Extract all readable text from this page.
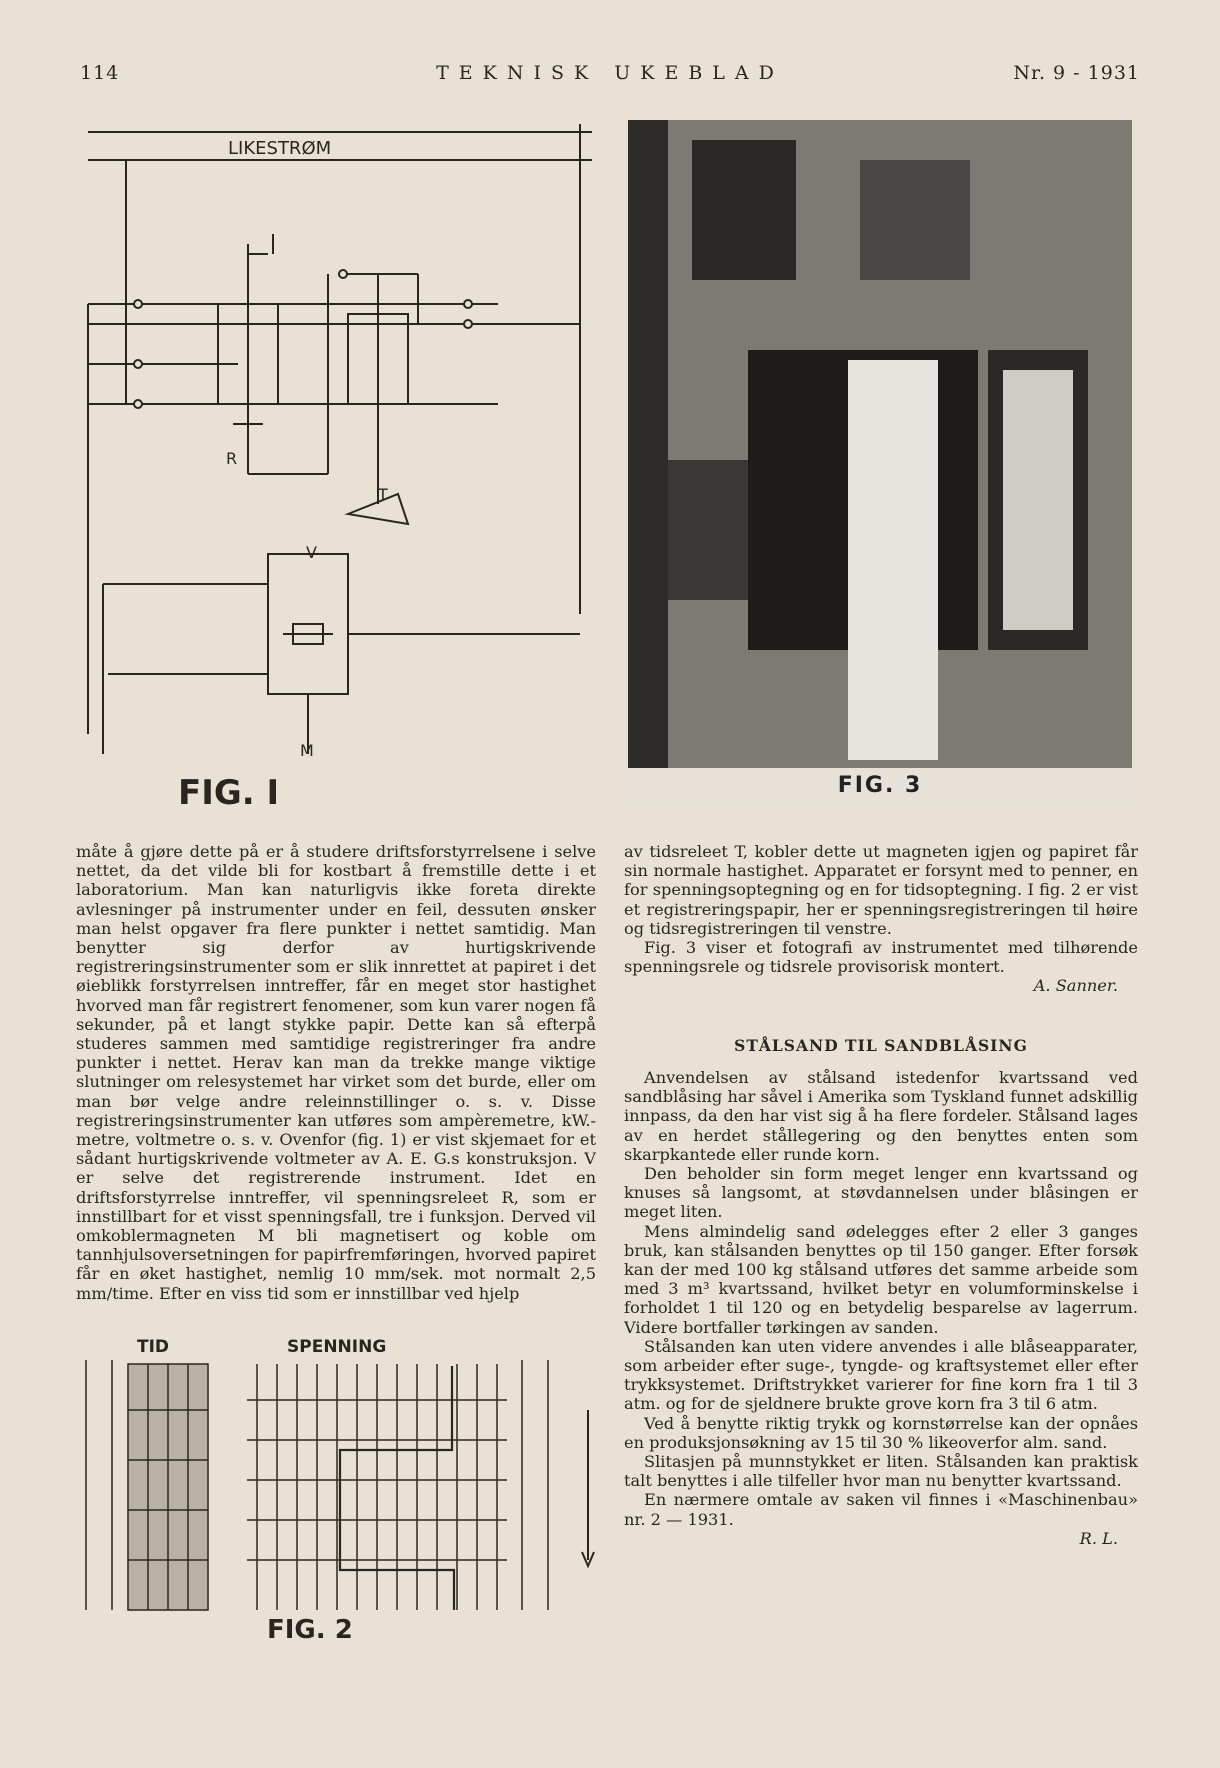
TEKNISK UKEBLAD
114	Nr. 9 - 1931
LIKESTRØM
R
T
V
M
FIG. I	FIG. 3

måte å gjøre dette på er å studere driftsforstyrrelsene i selve nettet, da det vilde bli for kostbart å fremstille dette i et laboratorium. Man kan naturligvis ikke foreta direkte avlesninger på instrumenter under en feil, dessuten ønsker man helst opgaver fra flere punkter i nettet samtidig. Man benytter sig derfor av hurtigskrivende registreringsinstrumenter som er slik innrettet at papiret i det øieblikk forstyrrelsen inntreffer, får en meget stor hastighet hvorved man får registrert fenomener, som kun varer nogen få sekunder, på et langt stykke papir. Dette kan så efterpå studeres sammen med samtidige registreringer fra andre punkter i nettet. Herav kan man da trekke mange viktige slutninger om relesystemet har virket som det burde, eller om man bør velge andre releinnstillinger o. s. v. Disse registreringsinstrumenter kan utføres som ampèremetre, kW.-metre, voltmetre o. s. v. Ovenfor (fig. 1) er vist skjemaet for et sådant hurtigskrivende voltmeter av A. E. G.s konstruksjon. V er selve det registrerende instrument. Idet en driftsforstyrrelse inntreffer, vil spenningsreleet R, som er innstillbart for et visst spenningsfall, tre i funksjon. Derved vil omkoblermagneten M bli magnetisert og koble om tannhjulsoversetningen for papirfremføringen, hvorved papiret får en øket hastighet, nemlig 10 mm/sek. mot normalt 2,5 mm/time. Efter en viss tid som er innstillbar ved hjelp

av tidsreleet T, kobler dette ut magneten igjen og papiret får sin normale hastighet. Apparatet er forsynt med to penner, en for spenningsoptegning og en for tidsoptegning. I fig. 2 er vist et registreringspapir, her er spenningsregistreringen til høire og tidsregistreringen til venstre.

Fig. 3 viser et fotografi av instrumentet med tilhørende spenningsrele og tidsrele provisorisk montert.

A. Sanner.
STÅLSAND TIL SANDBLÅSING

Anvendelsen av stålsand istedenfor kvartssand ved sandblåsing har såvel i Amerika som Tyskland funnet adskillig innpass, da den har vist sig å ha flere fordeler. Stålsand lages av en herdet stållegering og den benyttes enten som skarpkantede eller runde korn.

Den beholder sin form meget lenger enn kvartssand og knuses så langsomt, at støvdannelsen under blåsingen er meget liten.

Mens almindelig sand ødelegges efter 2 eller 3 ganges bruk, kan stålsanden benyttes op til 150 ganger. Efter forsøk kan der med 100 kg stålsand utføres det samme arbeide som med 3 m³ kvartssand, hvilket betyr en volumforminskelse i forholdet 1 til 120 og en betydelig besparelse av lagerrum. Videre bortfaller tørkingen av sanden.

Stålsanden kan uten videre anvendes i alle blåseapparater, som arbeider efter suge-, tyngde- og kraftsystemet eller efter trykksystemet. Driftstrykket varierer for fine korn fra 1 til 3 atm. og for de sjeldnere brukte grove korn fra 3 til 6 atm.

Ved å benytte riktig trykk og kornstørrelse kan der opnåes en produksjonsøkning av 15 til 30 % likeoverfor alm. sand.

Slitasjen på munnstykket er liten. Stålsanden kan praktisk talt benyttes i alle tilfeller hvor man nu benytter kvartssand.

En nærmere omtale av saken vil finnes i «Maschinenbau» nr. 2 — 1931.

R. L.
TID	SPENNING
FIG. 2
